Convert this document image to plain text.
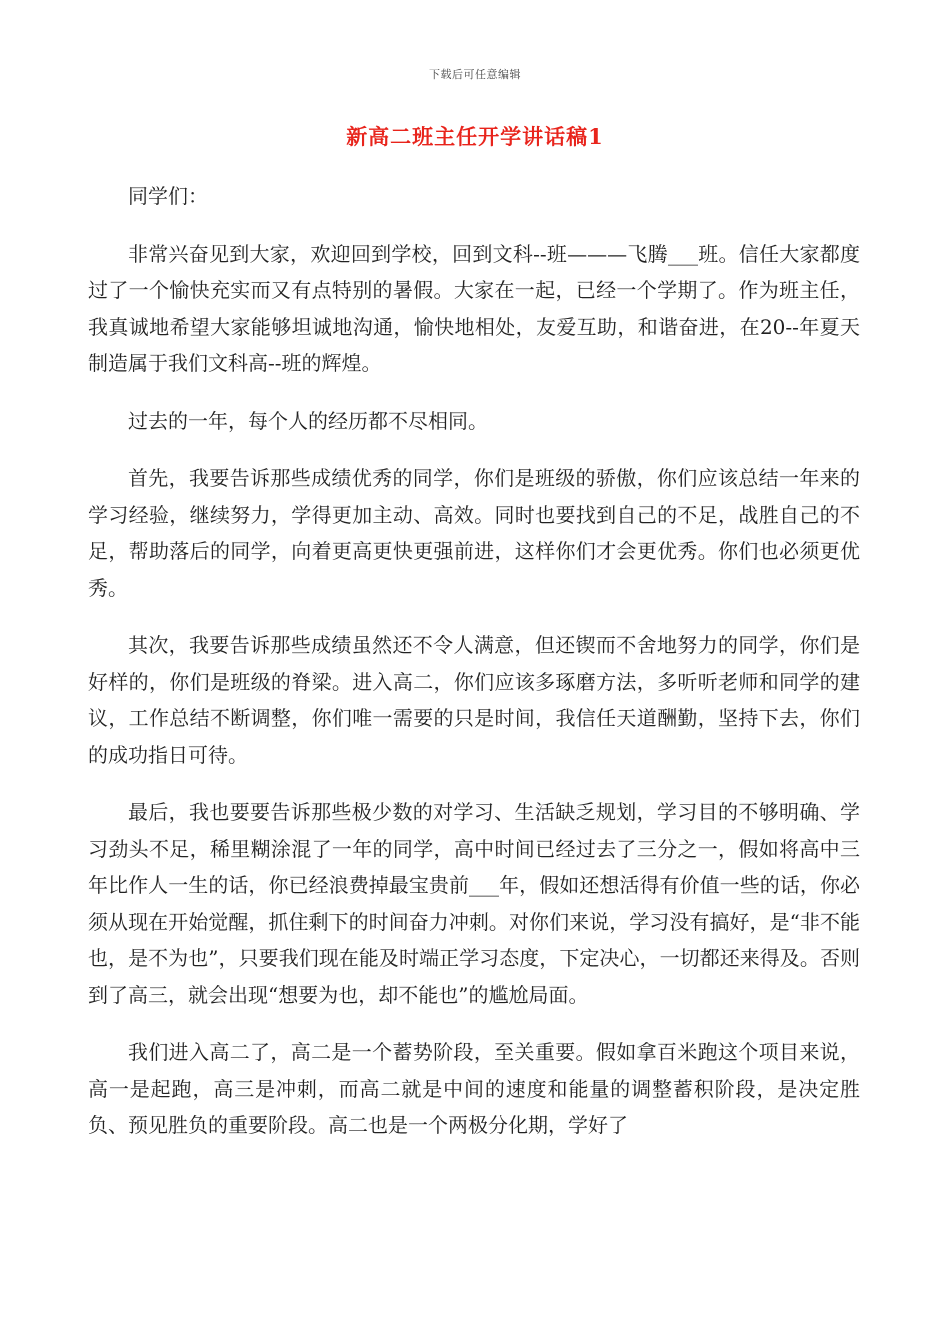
下载后可任意编辑
新高二班主任开学讲话稿1

同学们：

非常兴奋见到大家，欢迎回到学校，回到文科--班———飞腾___班。信任大家都度过了一个愉快充实而又有点特别的暑假。大家在一起，已经一个学期了。作为班主任，我真诚地希望大家能够坦诚地沟通，愉快地相处，友爱互助，和谐奋进，在20--年夏天制造属于我们文科高--班的辉煌。

过去的一年，每个人的经历都不尽相同。

首先，我要告诉那些成绩优秀的同学，你们是班级的骄傲，你们应该总结一年来的学习经验，继续努力，学得更加主动、高效。同时也要找到自己的不足，战胜自己的不足，帮助落后的同学，向着更高更快更强前进，这样你们才会更优秀。你们也必须更优秀。

其次，我要告诉那些成绩虽然还不令人满意，但还锲而不舍地努力的同学，你们是好样的，你们是班级的脊梁。进入高二，你们应该多琢磨方法，多听听老师和同学的建议，工作总结不断调整，你们唯一需要的只是时间，我信任天道酬勤，坚持下去，你们的成功指日可待。

最后，我也要要告诉那些极少数的对学习、生活缺乏规划，学习目的不够明确、学习劲头不足，稀里糊涂混了一年的同学，高中时间已经过去了三分之一，假如将高中三年比作人一生的话，你已经浪费掉最宝贵前___年，假如还想活得有价值一些的话，你必须从现在开始觉醒，抓住剩下的时间奋力冲刺。对你们来说，学习没有搞好，是“非不能也，是不为也”，只要我们现在能及时端正学习态度，下定决心，一切都还来得及。否则到了高三，就会出现“想要为也，却不能也”的尴尬局面。

我们进入高二了，高二是一个蓄势阶段，至关重要。假如拿百米跑这个项目来说，高一是起跑，高三是冲刺，而高二就是中间的速度和能量的调整蓄积阶段，是决定胜负、预见胜负的重要阶段。高二也是一个两极分化期，学好了
